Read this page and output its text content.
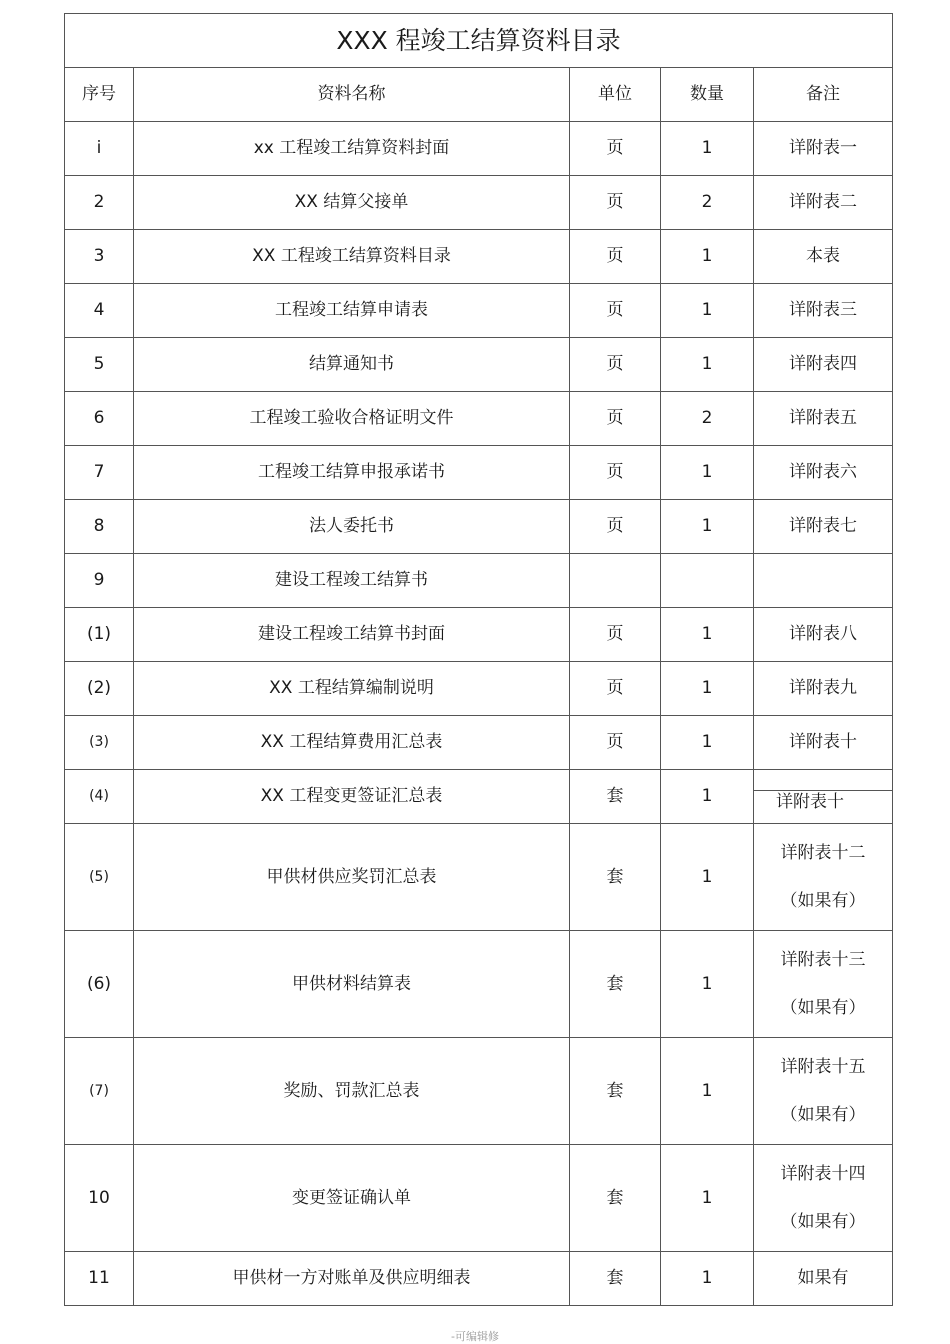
XXX 程竣工结算资料目录				
序号	资料名称	单位	数量	备注
i	xx 工程竣工结算资料封面	页	1	详附表一
2	XX 结算父接单	页	2	详附表二
3	XX 工程竣工结算资料目录	页	1	本表
4	工程竣工结算申请表	页	1	详附表三
5	结算通知书	页	1	详附表四
6	工程竣工验收合格证明文件	页	2	详附表五
7	工程竣工结算申报承诺书	页	1	详附表六
8	法人委托书	页	1	详附表七
9	建设工程竣工结算书			
(1)	建设工程竣工结算书封面	页	1	详附表八
(2)	XX 工程结算编制说明	页	1	详附表九
(3)	XX 工程结算费用汇总表	页	1	详附表十
(4)	XX 工程变更签证汇总表	套	1	详附表十

(5)	甲供材供应奖罚汇总表	套	1	详附表十二
（如果有）

(6)	甲供材料结算表	套	1	详附表十三
（如果有）

(7)	奖励、罚款汇总表	套	1	详附表十五
（如果有）

10	变更签证确认单	套	1	详附表十四
（如果有）

11	甲供材一方对账单及供应明细表	套	1	如果有
-可编辑修
